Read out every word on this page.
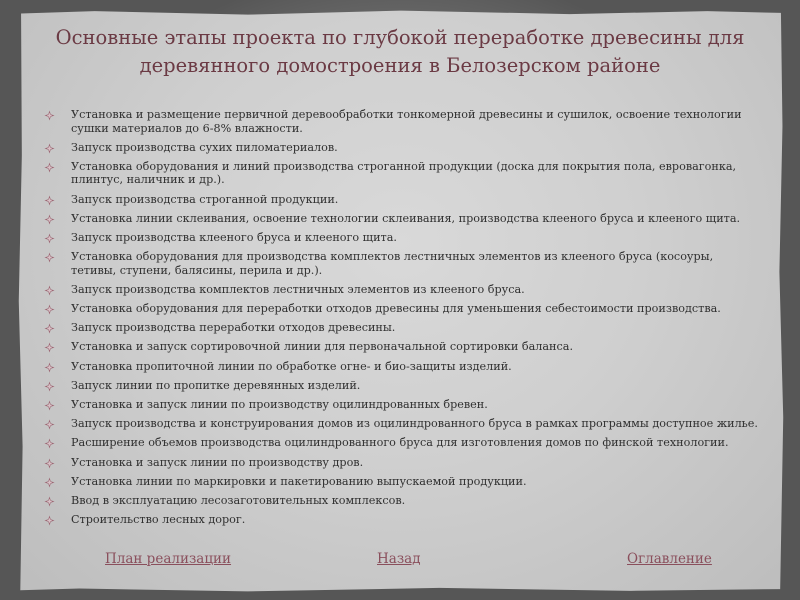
Основные этапы проекта по глубокой переработке древесины для деревянного домостроения в Белозерском районе
Установка и размещение первичной деревообработки тонкомерной древесины и сушилок, освоение технологии сушки материалов до 6-8% влажности.
Запуск производства сухих пиломатериалов.
Установка оборудования и линий производства строганной продукции (доска для покрытия пола, евровагонка, плинтус, наличник и др.).
Запуск производства строганной продукции.
Установка линии склеивания, освоение технологии склеивания, производства клееного бруса и клееного щита.
Запуск производства клееного бруса и клееного щита.
Установка оборудования для производства комплектов лестничных элементов из клееного бруса (косоуры, тетивы, ступени, балясины, перила и др.).
Запуск производства комплектов лестничных элементов из клееного бруса.
Установка оборудования для переработки отходов древесины для уменьшения себестоимости производства.
Запуск производства переработки отходов древесины.
Установка и запуск сортировочной линии для первоначальной сортировки баланса.
Установка пропиточной линии по обработке огне- и био-защиты изделий.
Запуск линии по пропитке деревянных изделий.
Установка и запуск линии по производству оцилиндрованных бревен.
Запуск производства и конструирования домов из оцилиндрованного бруса в рамках программы доступное жилье.
Расширение объемов производства оцилиндрованного бруса для изготовления домов по финской технологии.
Установка и запуск линии по производству дров.
Установка линии по маркировки и пакетированию выпускаемой продукции.
Ввод в эксплуатацию лесозаготовительных комплексов.
Строительство лесных дорог.
План реализации	Назад	Оглавление
